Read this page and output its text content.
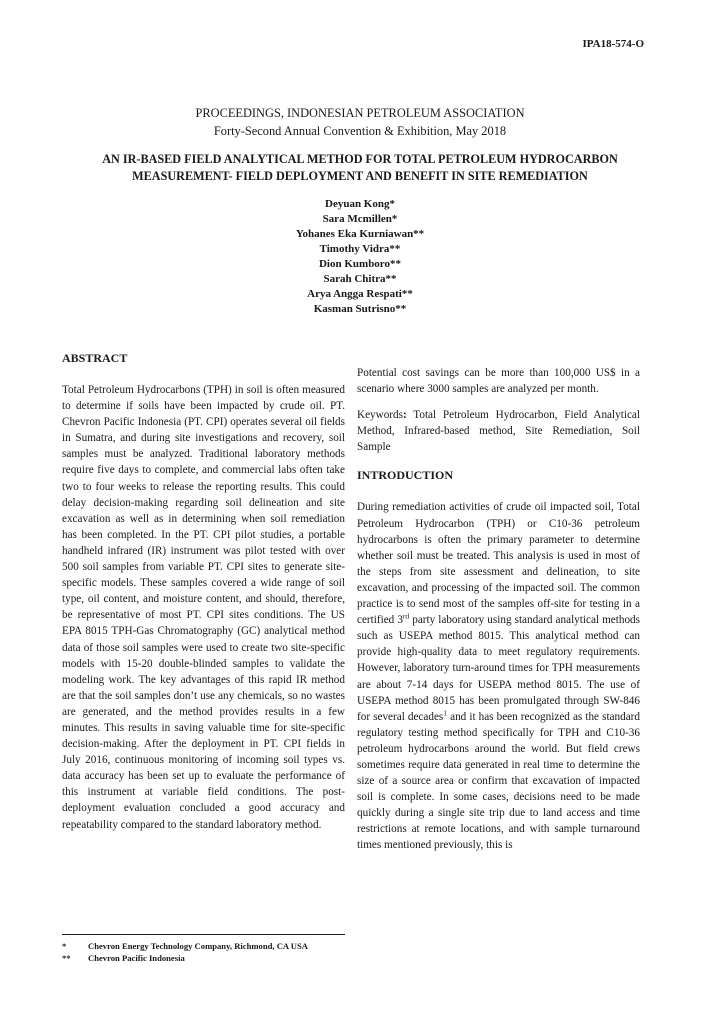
IPA18-574-O
PROCEEDINGS, INDONESIAN PETROLEUM ASSOCIATION
Forty-Second Annual Convention & Exhibition, May 2018
AN IR-BASED FIELD ANALYTICAL METHOD FOR TOTAL PETROLEUM HYDROCARBON
MEASUREMENT- FIELD DEPLOYMENT AND BENEFIT IN SITE REMEDIATION
Deyuan Kong*
Sara Mcmillen*
Yohanes Eka Kurniawan**
Timothy Vidra**
Dion Kumboro**
Sarah Chitra**
Arya Angga Respati**
Kasman Sutrisno**

ABSTRACT

Total Petroleum Hydrocarbons (TPH) in soil is often measured to determine if soils have been impacted by crude oil. PT. Chevron Pacific Indonesia (PT. CPI) operates several oil fields in Sumatra, and during site investigations and recovery, soil samples must be analyzed. Traditional laboratory methods require five days to complete, and commercial labs often take two to four weeks to release the reporting results. This could delay decision-making regarding soil delineation and site excavation as well as in determining when soil remediation has been completed. In the PT. CPI pilot studies, a portable handheld infrared (IR) instrument was pilot tested with over 500 soil samples from variable PT. CPI sites to generate site-specific models. These samples covered a wide range of soil type, oil content, and moisture content, and should, therefore, be representative of most PT. CPI sites conditions. The US EPA 8015 TPH-Gas Chromatography (GC) analytical method data of those soil samples were used to create two site-specific models with 15-20 double-blinded samples to validate the modeling work. The key advantages of this rapid IR method are that the soil samples don’t use any chemicals, so no wastes are generated, and the method provides results in a few minutes. This results in saving valuable time for site-specific decision-making. After the deployment in PT. CPI fields in July 2016, continuous monitoring of incoming soil types vs. data accuracy has been set up to evaluate the performance of this instrument at variable field conditions. The post-deployment evaluation concluded a good accuracy and repeatability compared to the standard laboratory method.

Potential cost savings can be more than 100,000 US$ in a scenario where 3000 samples are analyzed per month.

Keywords: Total Petroleum Hydrocarbon, Field Analytical Method, Infrared-based method, Site Remediation, Soil Sample

INTRODUCTION

During remediation activities of crude oil impacted soil, Total Petroleum Hydrocarbon (TPH) or C10-36 petroleum hydrocarbons is often the primary parameter to determine whether soil must be treated. This analysis is used in most of the steps from site assessment and delineation, to site excavation, and processing of the impacted soil. The common practice is to send most of the samples off-site for testing in a certified 3rd party laboratory using standard analytical methods such as USEPA method 8015. This analytical method can provide high-quality data to meet regulatory requirements. However, laboratory turn-around times for TPH measurements are about 7-14 days for USEPA method 8015. The use of USEPA method 8015 has been promulgated through SW-846 for several decades$^1$ and it has been recognized as the standard regulatory testing method specifically for TPH and C10-36 petroleum hydrocarbons around the world. But field crews sometimes require data generated in real time to determine the size of a source area or confirm that excavation of impacted soil is complete. In some cases, decisions need to be made quickly during a single site trip due to land access and time restrictions at remote locations, and with sample turnaround times mentioned previously, this is

*	Chevron Energy Technology Company, Richmond, CA USA
**	Chevron Pacific Indonesia
